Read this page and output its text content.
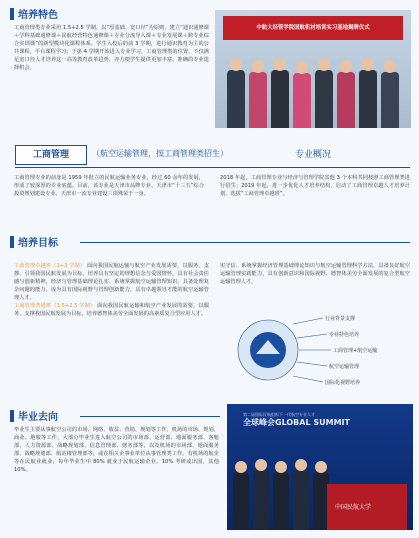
培养特色

工商管理类专业采用 1.5+2.5 学制，以“厚基础、宽口径”为原则，建立“通识通修课＋学科基础通修课＋民航经营特色通修课＋专业分流导入课＋专业发展课＋跨专业综合实训课”的新型模块化课程体系，学生入校后的前 3 学期，进行通识教育为主的公共课程，平台课程学习；于第 4 学期开始进入专业学习，工商管理类的位置，不仅满足宽口径人才培养这一高等教育改革趋势，亦方便学生提供更加丰富、准确的专业选择机会。

中航大经管学院国航机材培训实习基地揭牌仪式
工商管理	（航空运输管理，按工商管理类招生）	专业概况

工商管理专业的前身是 1959 年批立的民航运输业务专业，经过 60 余年的发展，形成了较深厚的专业底蕴。目前，该专业是天津市品牌专业、天津市“十三五”综合投资规划建设专业、天津市一流专业建设三项殊荣于一身。

2018 年起，工商管理专业与经济与管理学院其他 3 个本科共同按照工商管理类进行招生；2019 年起，进一步优化人才培养结构，启动了工商管理卓越人才培养计划，选拔“工商管理卓越班”。

培养目标
工商管理卓越班（1+3 学制） 面向我国民航运输与航空产业发展需要，以服务、支撑、引领我国民航发展为目标，培养具有坚定的理想信念与爱国情怀，具有社会责任感与创新精神，经济与管理基础理论扎实、系统掌握航空运输管理知识，具备处理复杂问题的能力，成为具有国际视野与管理创新能力，具有卓越领导才能的航空运输管理人才。
工商管理普通班（1.5+2.5 学制） 面向我国民航运输和航空产业发展的需要，以服务、支撑我国民航发展为目标，培养德智体美劳全面发展的高素质复合型应用人才。

实守信、系统掌握经济管理基础理论知识与航空运输管理科学方法，具备良好航空运输管理实践能力，具有创新意识和国际视野、德智体美劳全面发展的复合型航空运输管理人才。

行业背景支撑
专业特色培养
工商管理+航空运输
航空运输管理
国际化视野培养
毕业去向

毕业生主要从事航空公司的市场、网络、收益、营销、规划等工作，机场的市场、规划、商业、地服等工作，大部分毕业生进入航空公司的市场部、运营部、地面服务部、客舱部、人力资源部、战略规划部、信息管理部、财务部等，以及机场的市场部、地面服务部、战略规划部、航站楼管理部等，或在相关企事业单位从事管理类工作。有机场的航企等在民航业就业，每年毕业生中 80% 就业于民航运输企业，10% 考研或出国，其他 10%。

第二届国际民航组织下一代航空专业人才
全球峰会GLOBAL SUMMIT
中国民航大学
